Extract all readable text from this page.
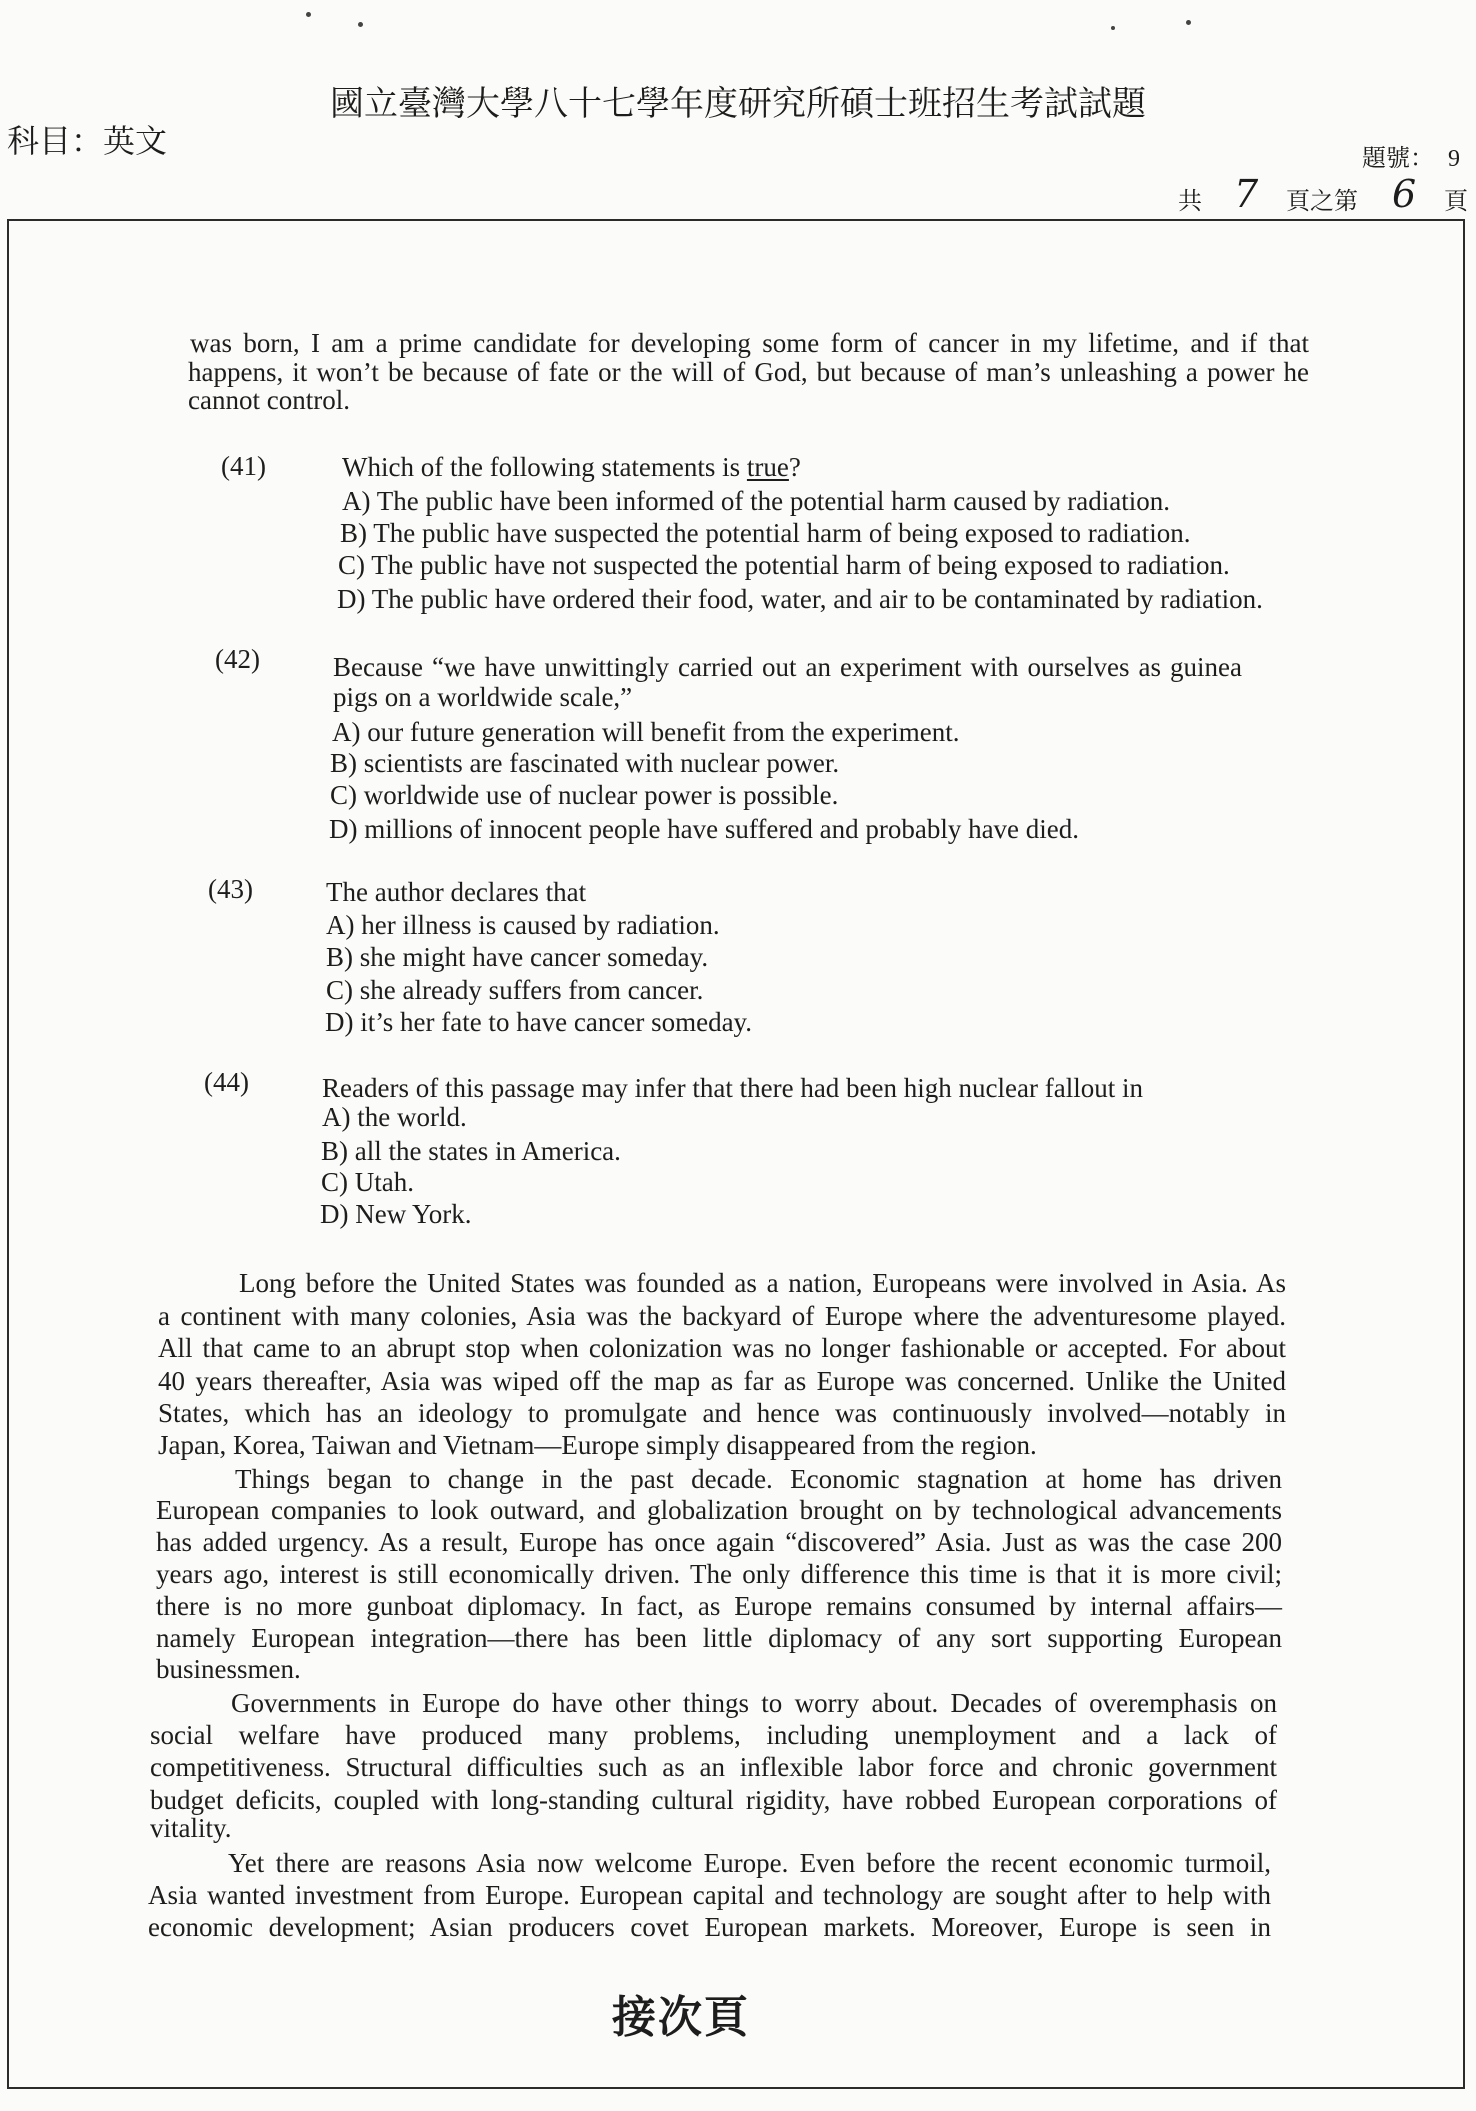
國立臺灣大學八十七學年度研究所碩士班招生考試試題
科目：英文	題號： 9
共 7 頁之第 6 頁
was born, I am a prime candidate for developing some form of cancer in my lifetime, and if that
happens, it won’t be because of fate or the will of God, but because of man’s unleashing a power he
cannot control.
(41)	Which of the following statements is true?
A) The public have been informed of the potential harm caused by radiation.
B) The public have suspected the potential harm of being exposed to radiation.
C) The public have not suspected the potential harm of being exposed to radiation.
D) The public have ordered their food, water, and air to be contaminated by radiation.
(42)	Because “we have unwittingly carried out an experiment with ourselves as guinea
pigs on a worldwide scale,”
A) our future generation will benefit from the experiment.
B) scientists are fascinated with nuclear power.
C) worldwide use of nuclear power is possible.
D) millions of innocent people have suffered and probably have died.
(43)	The author declares that
A) her illness is caused by radiation.
B) she might have cancer someday.
C) she already suffers from cancer.
D) it’s her fate to have cancer someday.
(44)	Readers of this passage may infer that there had been high nuclear fallout in
A) the world.
B) all the states in America.
C) Utah.
D) New York.
Long before the United States was founded as a nation, Europeans were involved in Asia. As
a continent with many colonies, Asia was the backyard of Europe where the adventuresome played.
All that came to an abrupt stop when colonization was no longer fashionable or accepted. For about
40 years thereafter, Asia was wiped off the map as far as Europe was concerned. Unlike the United
States, which has an ideology to promulgate and hence was continuously involved—notably in
Japan, Korea, Taiwan and Vietnam—Europe simply disappeared from the region.
Things began to change in the past decade. Economic stagnation at home has driven
European companies to look outward, and globalization brought on by technological advancements
has added urgency. As a result, Europe has once again “discovered” Asia. Just as was the case 200
years ago, interest is still economically driven. The only difference this time is that it is more civil;
there is no more gunboat diplomacy. In fact, as Europe remains consumed by internal affairs—
namely European integration—there has been little diplomacy of any sort supporting European
businessmen.
Governments in Europe do have other things to worry about. Decades of overemphasis on
social welfare have produced many problems, including unemployment and a lack of
competitiveness. Structural difficulties such as an inflexible labor force and chronic government
budget deficits, coupled with long-standing cultural rigidity, have robbed European corporations of
vitality.
Yet there are reasons Asia now welcome Europe. Even before the recent economic turmoil,
Asia wanted investment from Europe. European capital and technology are sought after to help with
economic development; Asian producers covet European markets. Moreover, Europe is seen in
接次頁
